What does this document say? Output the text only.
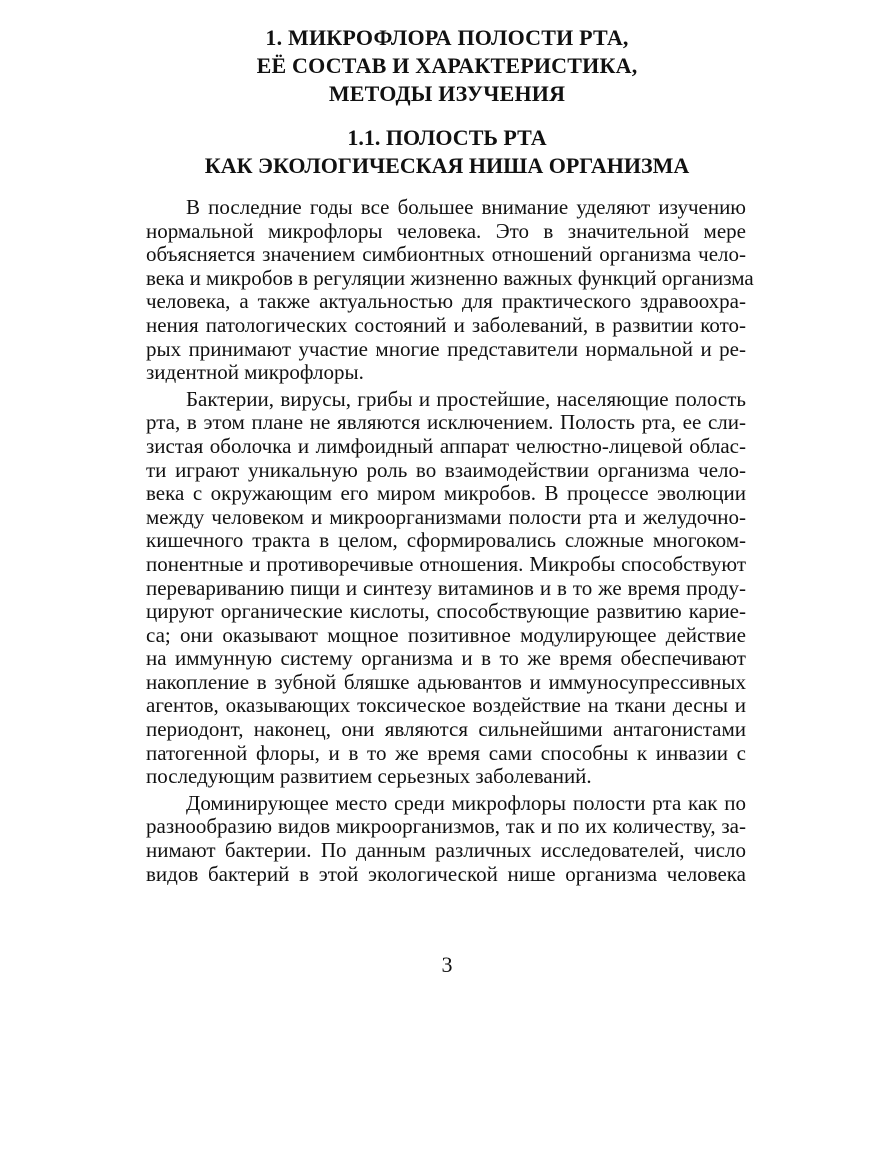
1. МИКРОФЛОРА ПОЛОСТИ РТА,
ЕЁ СОСТАВ И ХАРАКТЕРИСТИКА,
МЕТОДЫ ИЗУЧЕНИЯ
1.1. ПОЛОСТЬ РТА
КАК ЭКОЛОГИЧЕСКАЯ НИША ОРГАНИЗМА
В последние годы все большее внимание уделяют изучению
нормальной микрофлоры человека. Это в значительной мере
объясняется значением симбионтных отношений организма чело-
века и микробов в регуляции жизненно важных функций организма
человека, а также актуальностью для практического здравоохра-
нения патологических состояний и заболеваний, в развитии кото-
рых принимают участие многие представители нормальной и ре-
зидентной микрофлоры.
Бактерии, вирусы, грибы и простейшие, населяющие полость
рта, в этом плане не являются исключением. Полость рта, ее сли-
зистая оболочка и лимфоидный аппарат челюстно-лицевой облас-
ти играют уникальную роль во взаимодействии организма чело-
века с окружающим его миром микробов. В процессе эволюции
между человеком и микроорганизмами полости рта и желудочно-
кишечного тракта в целом, сформировались сложные многоком-
понентные и противоречивые отношения. Микробы способствуют
перевариванию пищи и синтезу витаминов и в то же время проду-
цируют органические кислоты, способствующие развитию карие-
са; они оказывают мощное позитивное модулирующее действие
на иммунную систему организма и в то же время обеспечивают
накопление в зубной бляшке адьювантов и иммуносупрессивных
агентов, оказывающих токсическое воздействие на ткани десны и
периодонт, наконец, они являются сильнейшими антагонистами
патогенной флоры, и в то же время сами способны к инвазии с
последующим развитием серьезных заболеваний.
Доминирующее место среди микрофлоры полости рта как по
разнообразию видов микроорганизмов, так и по их количеству, за-
нимают бактерии. По данным различных исследователей, число
видов бактерий в этой экологической нише организма человека
3
